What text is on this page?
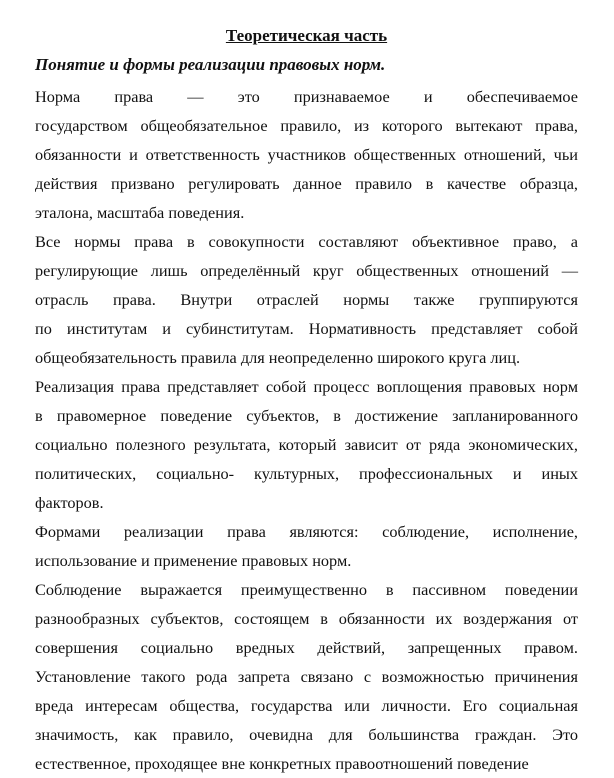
Теоретическая часть
Понятие и формы реализации правовых норм.
Норма права — это признаваемое и обеспечиваемое
государством общеобязательное правило, из которого вытекают права,
обязанности и ответственность участников общественных отношений, чьи
действия призвано регулировать данное правило в качестве образца,
эталона, масштаба поведения.
Все нормы права в совокупности составляют объективное право, а
регулирующие лишь определённый круг общественных отношений —
отрасль права. Внутри отраслей нормы также группируются
по институтам и субинститутам. Нормативность представляет собой
общеобязательность правила для неопределенно широкого круга лиц.
Реализация права представляет собой процесс воплощения правовых норм
в правомерное поведение субъектов, в достижение запланированного
социально полезного результата, который зависит от ряда экономических,
политических, социально- культурных, профессиональных и иных
факторов.
Формами реализации права являются: соблюдение, исполнение,
использование и применение правовых норм.
Соблюдение выражается преимущественно в пассивном поведении
разнообразных субъектов, состоящем в обязанности их воздержания от
совершения социально вредных действий, запрещенных правом.
Установление такого рода запрета связано с возможностью причинения
вреда интересам общества, государства или личности. Его социальная
значимость, как правило, очевидна для большинства граждан. Это
естественное, проходящее вне конкретных правоотношений поведение
